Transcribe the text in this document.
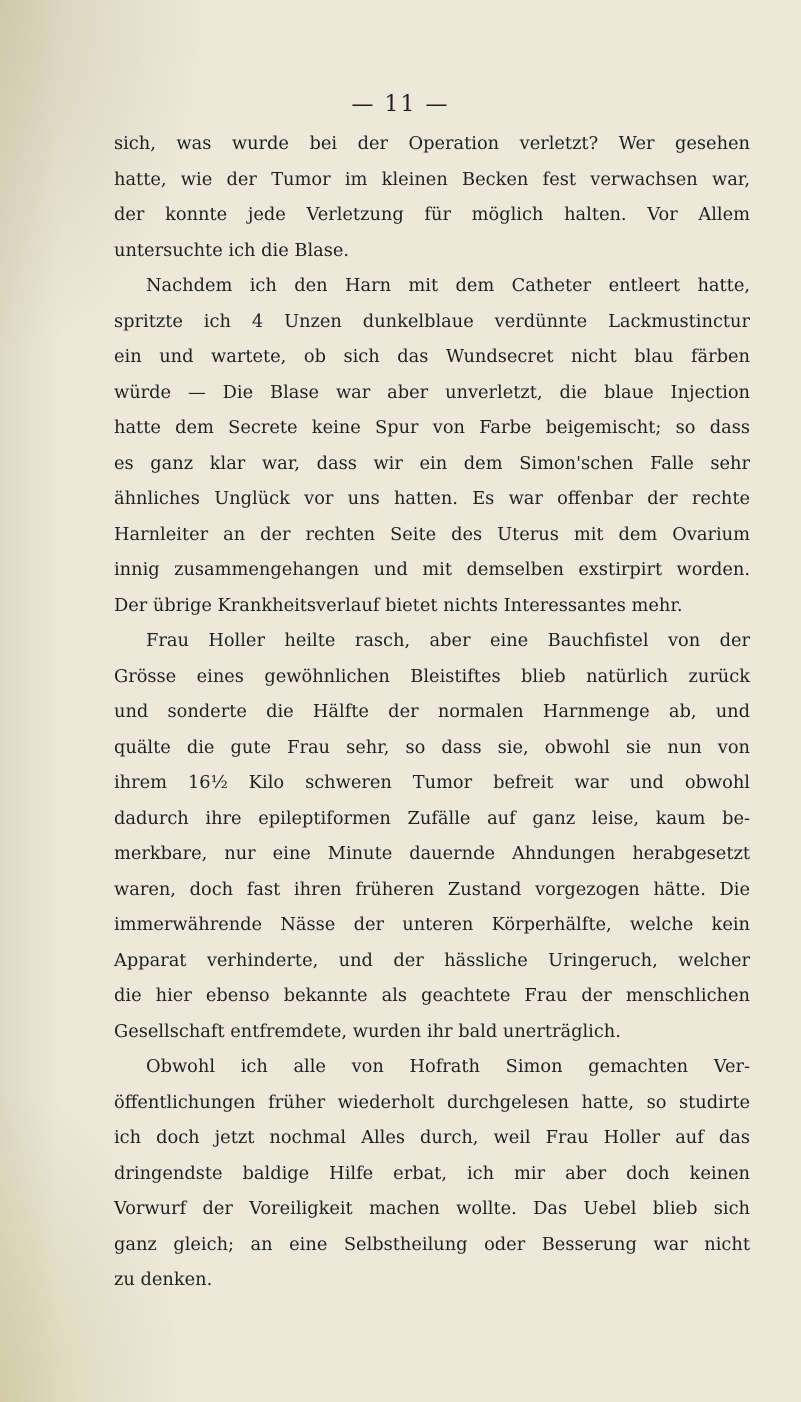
— 11 —
sich, was wurde bei der Operation verletzt? Wer gesehen
hatte, wie der Tumor im kleinen Becken fest verwachsen war,
der konnte jede Verletzung für möglich halten. Vor Allem
untersuchte ich die Blase.
Nachdem ich den Harn mit dem Catheter entleert hatte,
spritzte ich 4 Unzen dunkelblaue verdünnte Lackmustinctur
ein und wartete, ob sich das Wundsecret nicht blau färben
würde — Die Blase war aber unverletzt, die blaue Injection
hatte dem Secrete keine Spur von Farbe beigemischt; so dass
es ganz klar war, dass wir ein dem Simon'schen Falle sehr
ähnliches Unglück vor uns hatten. Es war offenbar der rechte
Harnleiter an der rechten Seite des Uterus mit dem Ovarium
innig zusammengehangen und mit demselben exstirpirt worden.
Der übrige Krankheitsverlauf bietet nichts Interessantes mehr.
Frau Holler heilte rasch, aber eine Bauchfistel von der
Grösse eines gewöhnlichen Bleistiftes blieb natürlich zurück
und sonderte die Hälfte der normalen Harnmenge ab, und
quälte die gute Frau sehr, so dass sie, obwohl sie nun von
ihrem 16½ Kilo schweren Tumor befreit war und obwohl
dadurch ihre epileptiformen Zufälle auf ganz leise, kaum be-
merkbare, nur eine Minute dauernde Ahndungen herabgesetzt
waren, doch fast ihren früheren Zustand vorgezogen hätte. Die
immerwährende Nässe der unteren Körperhälfte, welche kein
Apparat verhinderte, und der hässliche Uringeruch, welcher
die hier ebenso bekannte als geachtete Frau der menschlichen
Gesellschaft entfremdete, wurden ihr bald unerträglich.
Obwohl ich alle von Hofrath Simon gemachten Ver-
öffentlichungen früher wiederholt durchgelesen hatte, so studirte
ich doch jetzt nochmal Alles durch, weil Frau Holler auf das
dringendste baldige Hilfe erbat, ich mir aber doch keinen
Vorwurf der Voreiligkeit machen wollte. Das Uebel blieb sich
ganz gleich; an eine Selbstheilung oder Besserung war nicht
zu denken.
